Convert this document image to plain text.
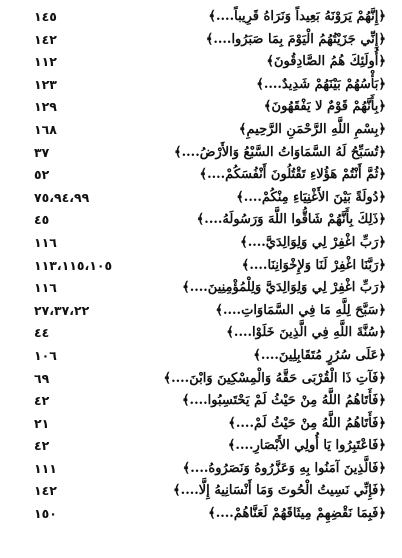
﴿إِنَّهُمْ يَرَوْنَهُ بَعِيداً وَنَرَاهُ قَرِيباً....﴾
١٤٥
﴿إِنِّي جَزَيْتُهُمُ الْيَوْمَ بِمَا صَبَرُوا....﴾
١٤٢
﴿أُولَئِكَ هُمُ الصَّادِقُونَ﴾
١١٢
﴿بَأْسُهُمْ بَيْنَهُمْ شَدِيدٌ....﴾
١٢٣
﴿بِأَنَّهُمْ قَوْمٌ لا يَفْقَهُونَ﴾
١٢٩
﴿بِسْمِ اللَّهِ الرَّحْمَنِ الرَّحِيمِ﴾
١٦٨
﴿تُسَبِّحُ لَهُ السَّمَاوَاتُ السَّبْعُ وَالأَرْضُ....﴾
٣٧
﴿ثُمَّ أَنْتُمْ هَؤُلاءِ تَقْتُلُونَ أَنْفُسَكُمْ....﴾
٥٢
﴿دُولَةً بَيْنَ الأَغْنِيَاءِ مِنْكُمْ....﴾
٧٥،٩٤،٩٩
﴿ذَلِكَ بِأَنَّهُمْ شَاقُّوا اللَّهَ وَرَسُولَهُ....﴾
٤٥
﴿رَبِّ اغْفِرْ لِي وَلِوَالِدَيَّ....﴾
١١٦
﴿رَبَّنَا اغْفِرْ لَنَا وَلإِخْوَانِنَا....﴾
١١٣،١١٥،١٠٥
﴿رَبِّ اغْفِرْ لِي وَلِوَالِدَيَّ وَلِلْمُؤْمِنِينَ....﴾
١١٦
﴿سَبَّحَ لِلَّهِ مَا فِي السَّمَاوَاتِ....﴾
٢٧،٣٧،٢٢
﴿سُنَّةَ اللَّهِ فِي الَّذِينَ خَلَوْا....﴾
٤٤
﴿عَلَى سُرُرٍ مُتَقَابِلِينَ....﴾
١٠٦
﴿فَآتِ ذَا الْقُرْبَى حَقَّهُ وَالْمِسْكِينَ وَابْنَ....﴾
٦٩
﴿فَأَتَاهُمُ اللَّهُ مِنْ حَيْثُ لَمْ يَحْتَسِبُوا....﴾
٤٢
﴿فَأَتَاهُمُ اللَّهُ مِنْ حَيْثُ لَمْ....﴾
٢١
﴿فَاعْتَبِرُوا يَا أُولِي الأَبْصَارِ....﴾
٤٢
﴿فَالَّذِينَ آمَنُوا بِهِ وَعَزَّرُوهُ وَنَصَرُوهُ....﴾
١١١
﴿فَإِنِّي نَسِيتُ الْحُوتَ وَمَا أَنْسَانِيهُ إِلَّا....﴾
١٤٢
﴿فَبِمَا نَقْضِهِمْ مِيثَاقَهُمْ لَعَنَّاهُمْ....﴾
١٥٠
